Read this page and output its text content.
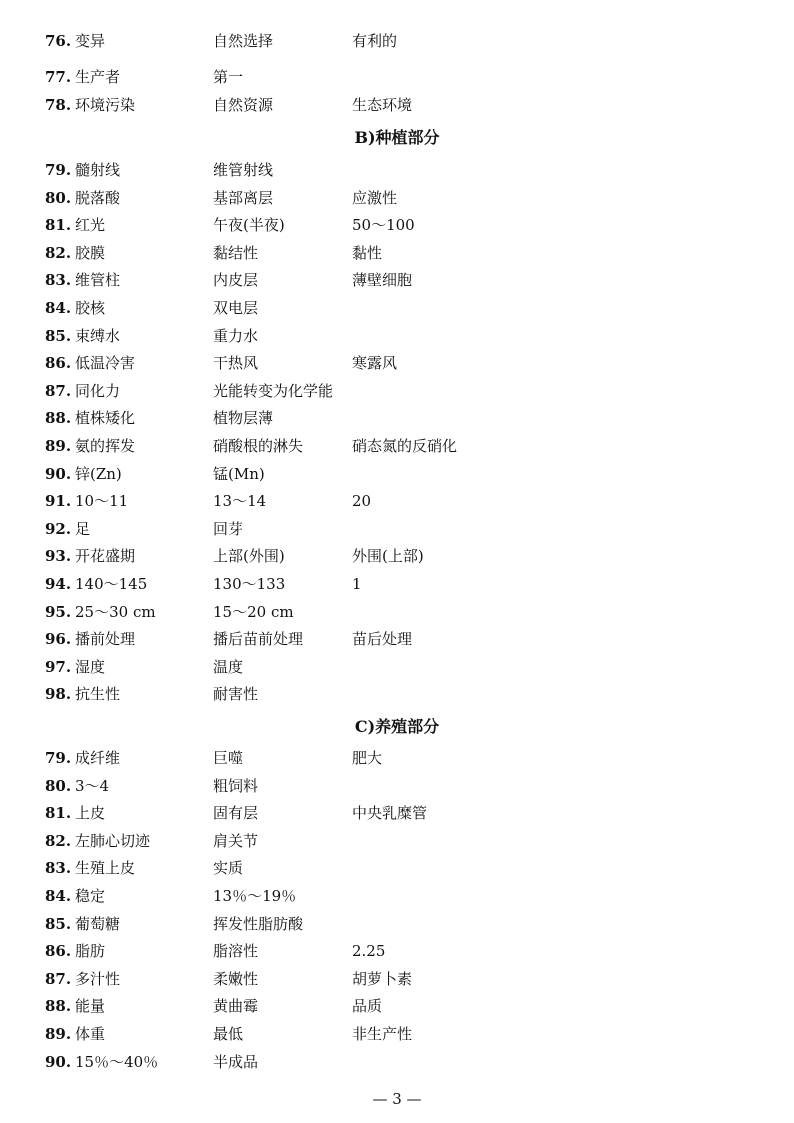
76. 变异	自然选择	有利的
77. 生产者	第一
78. 环境污染	自然资源	生态环境
B)种植部分
79. 髓射线	维管射线
80. 脱落酸	基部离层	应激性
81. 红光	午夜(半夜)	50～100
82. 胶膜	黏结性	黏性
83. 维管柱	内皮层	薄壁细胞
84. 胶核	双电层
85. 束缚水	重力水
86. 低温冷害	干热风	寒露风
87. 同化力	光能转变为化学能
88. 植株矮化	植物层薄
89. 氨的挥发	硝酸根的淋失	硝态氮的反硝化
90. 锌(Zn)	锰(Mn)
91. 10～11	13～14	20
92. 足	回芽
93. 开花盛期	上部(外围)	外围(上部)
94. 140～145	130～133	1
95. 25～30 cm	15～20 cm
96. 播前处理	播后苗前处理	苗后处理
97. 湿度	温度
98. 抗生性	耐害性
C)养殖部分
79. 成纤维	巨噬	肥大
80. 3～4	粗饲料
81. 上皮	固有层	中央乳糜管
82. 左肺心切迹	肩关节
83. 生殖上皮	实质
84. 稳定	13％～19％
85. 葡萄糖	挥发性脂肪酸
86. 脂肪	脂溶性	2.25
87. 多汁性	柔嫩性	胡萝卜素
88. 能量	黄曲霉	品质
89. 体重	最低	非生产性
90. 15％～40％	半成品
— 3 —
